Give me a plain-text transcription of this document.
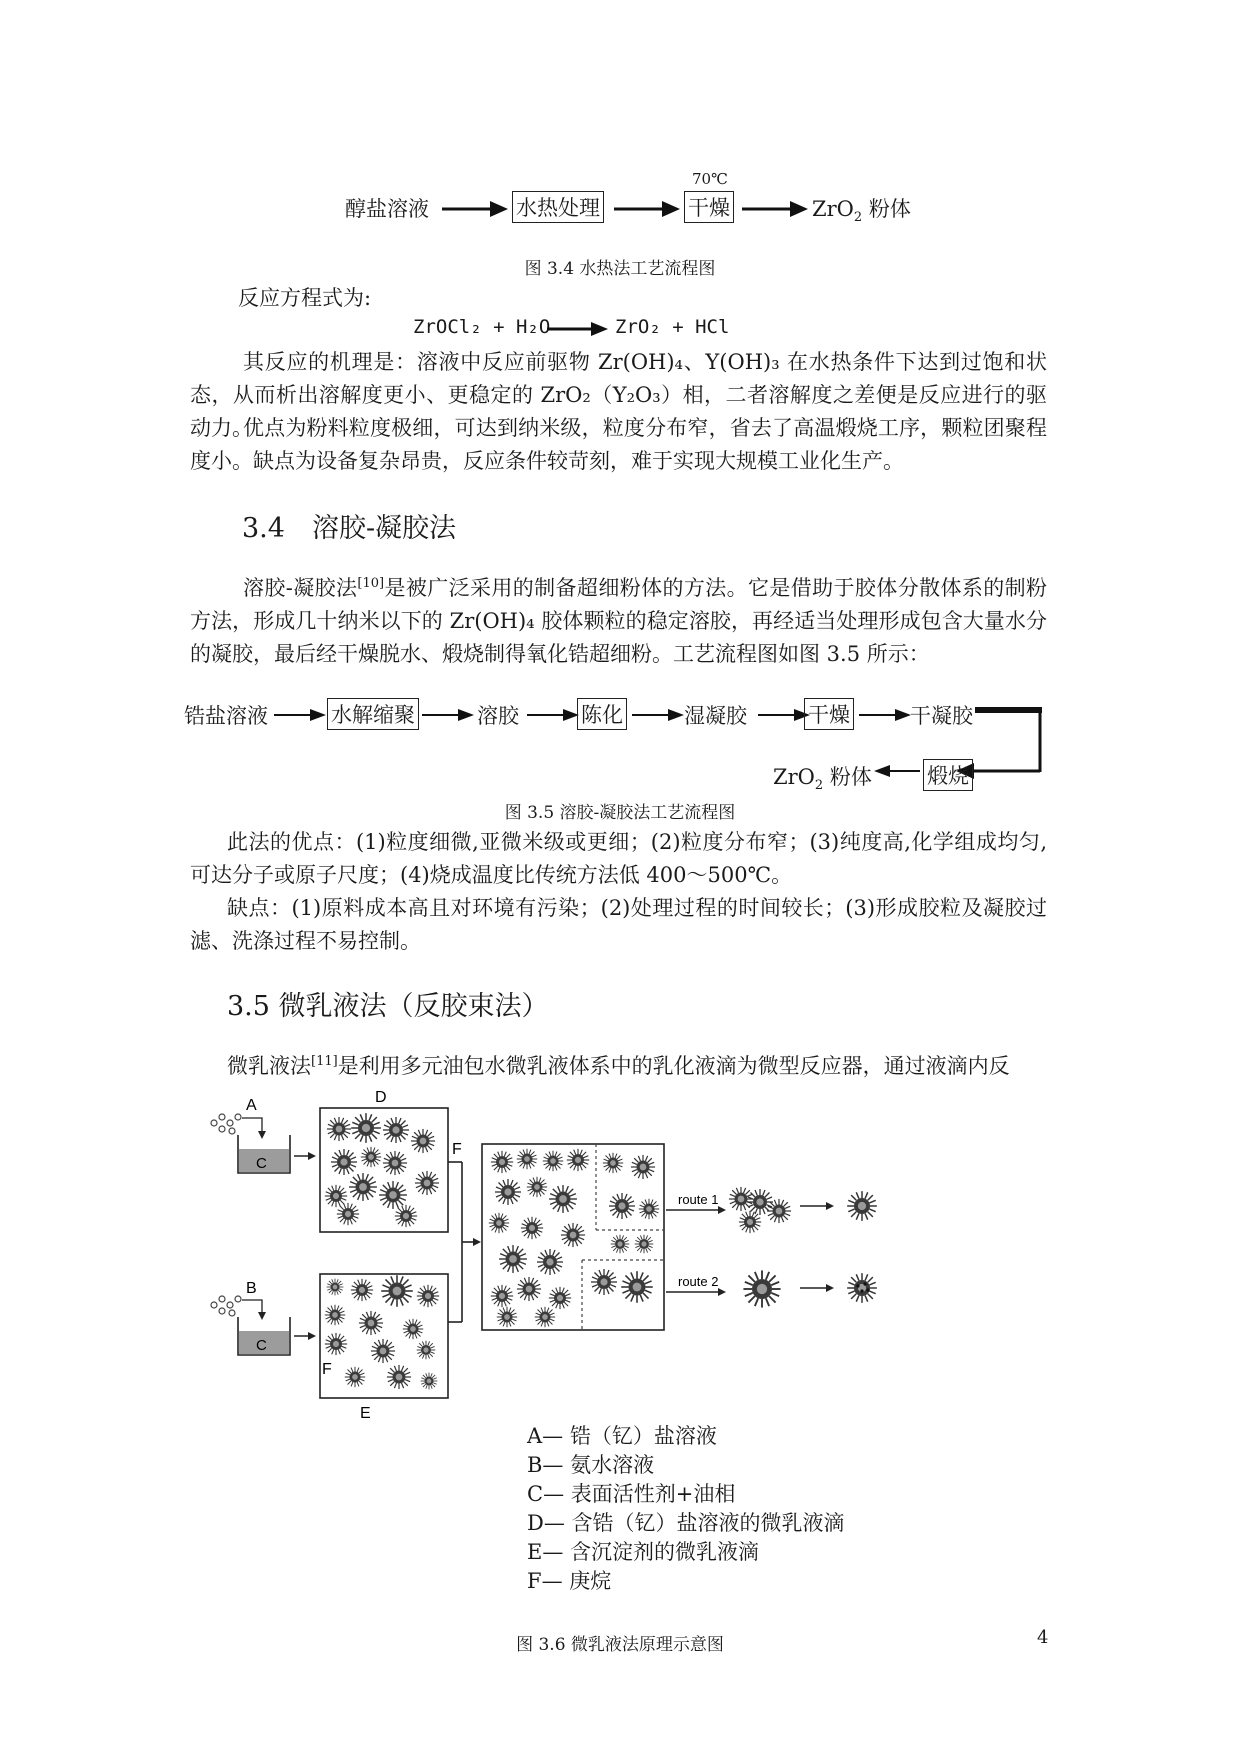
醇盐溶液	水热处理
70℃
干燥	ZrO$_2$ 粉体
图 3.4 水热法工艺流程图
反应方程式为:
ZrOCl₂ + H₂O	ZrO₂ + HCl
其反应的机理是：溶液中反应前驱物 Zr(OH)₄、Y(OH)₃ 在水热条件下达到过饱和状态，从而析出溶解度更小、更稳定的 ZrO₂（Y₂O₃）相，二者溶解度之差便是反应进行的驱动力。
优点为粉料粒度极细，可达到纳米级，粒度分布窄，省去了高温煅烧工序，颗粒团聚程度小。缺点为设备复杂昂贵，反应条件较苛刻，难于实现大规模工业化生产。
3.4　溶胶-凝胶法
溶胶-凝胶法[10]是被广泛采用的制备超细粉体的方法。它是借助于胶体分散体系的制粉方法，形成几十纳米以下的 Zr(OH)₄ 胶体颗粒的稳定溶胶，再经适当处理形成包含大量水分的凝胶，最后经干燥脱水、煅烧制得氧化锆超细粉。工艺流程图如图 3.5 所示：
锆盐溶液	水解缩聚	溶胶	陈化	湿凝胶	干燥	干凝胶
煅烧
ZrO$_2$ 粉体
图 3.5 溶胶-凝胶法工艺流程图
此法的优点：(1)粒度细微,亚微米级或更细；(2)粒度分布窄；(3)纯度高,化学组成均匀,可达分子或原子尺度；(4)烧成温度比传统方法低 400～500℃。
缺点：(1)原料成本高且对环境有污染；(2)处理过程的时间较长；(3)形成胶粒及凝胶过滤、洗涤过程不易控制。
3.5 微乳液法（反胶束法）
微乳液法[11]是利用多元油包水微乳液体系中的乳化液滴为微型反应器，通过液滴内反
A
C
D
F
B
C
F
E
route 1
route 2
A— 锆（钇）盐溶液
B— 氨水溶液
C— 表面活性剂+油相
D— 含锆（钇）盐溶液的微乳液滴
E— 含沉淀剂的微乳液滴
F— 庚烷
图 3.6 微乳液法原理示意图	4
